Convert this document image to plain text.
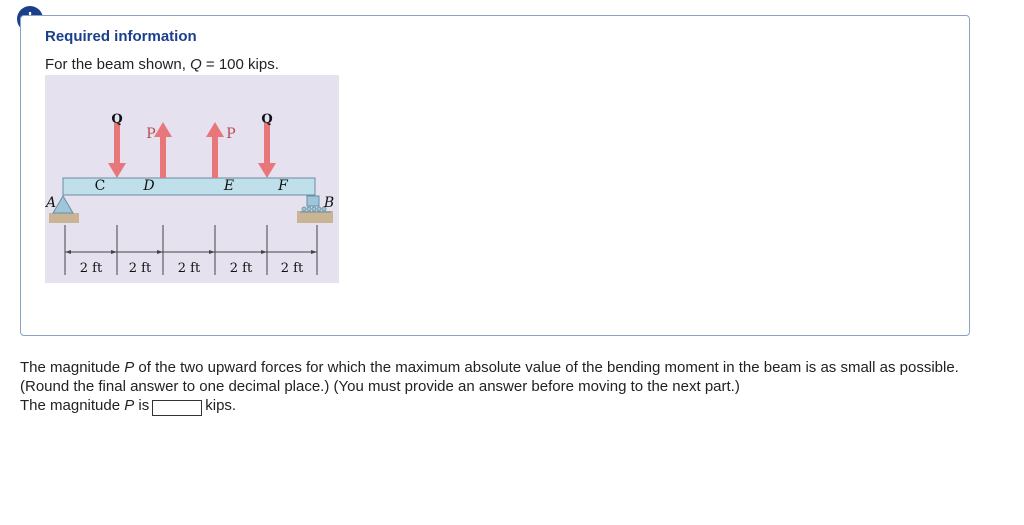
Required information
For the beam shown, Q = 100 kips.
Q	Q
P	P
C	D	E	F
A	B
2 ft 2 ft 2 ft 2 ft 2 ft
The magnitude P of the two upward forces for which the maximum absolute value of the bending moment in the beam is as small as possible. (Round the final answer to one decimal place.) (You must provide an answer before moving to the next part.)
The magnitude P is	kips.
